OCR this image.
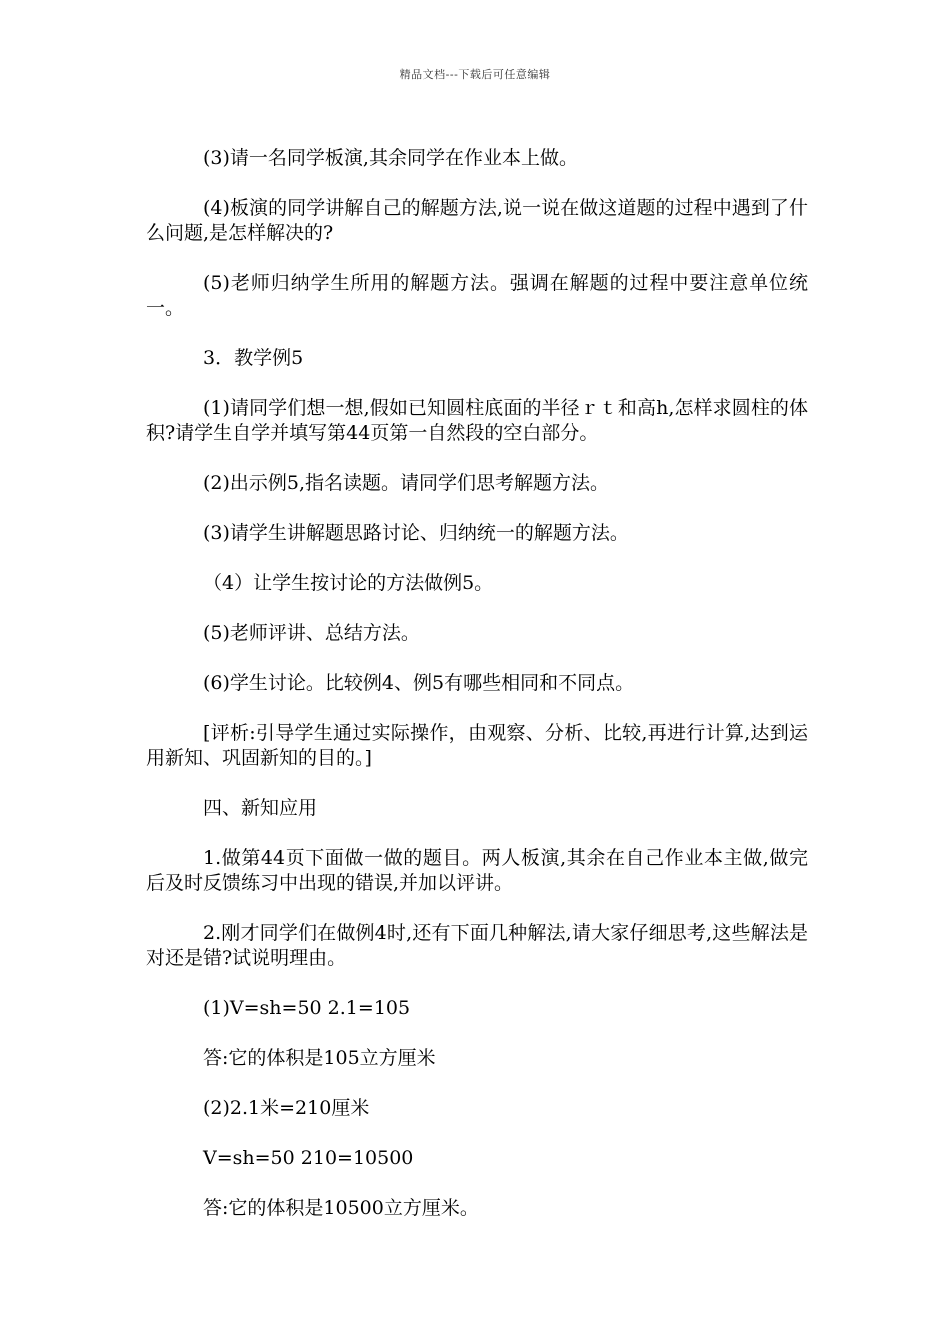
精品文档---下载后可任意编辑

(3)请一名同学板演,其余同学在作业本上做。

(4)板演的同学讲解自己的解题方法,说一说在做这道题的过程中遇到了什么问题,是怎样解决的?

(5)老师归纳学生所用的解题方法。强调在解题的过程中要注意单位统一。

3．教学例5

(1)请同学们想一想,假如已知圆柱底面的半径ｒｔ和高h,怎样求圆柱的体积?请学生自学并填写第44页第一自然段的空白部分。

(2)出示例5,指名读题。请同学们思考解题方法。

(3)请学生讲解题思路讨论、归纳统一的解题方法。

（4）让学生按讨论的方法做例5。

(5)老师评讲、总结方法。

(6)学生讨论。比较例4、例5有哪些相同和不同点。

[评析:引导学生通过实际操作，由观察、分析、比较,再进行计算,达到运用新知、巩固新知的目的。]

四、新知应用

1.做第44页下面做一做的题目。两人板演,其余在自己作业本主做,做完后及时反馈练习中出现的错误,并加以评讲。

2.刚才同学们在做例4时,还有下面几种解法,请大家仔细思考,这些解法是对还是错?试说明理由。

(1)V=sh=50 2.1=105

答:它的体积是105立方厘米

(2)2.1米=210厘米

V=sh=50 210=10500

答:它的体积是10500立方厘米。
